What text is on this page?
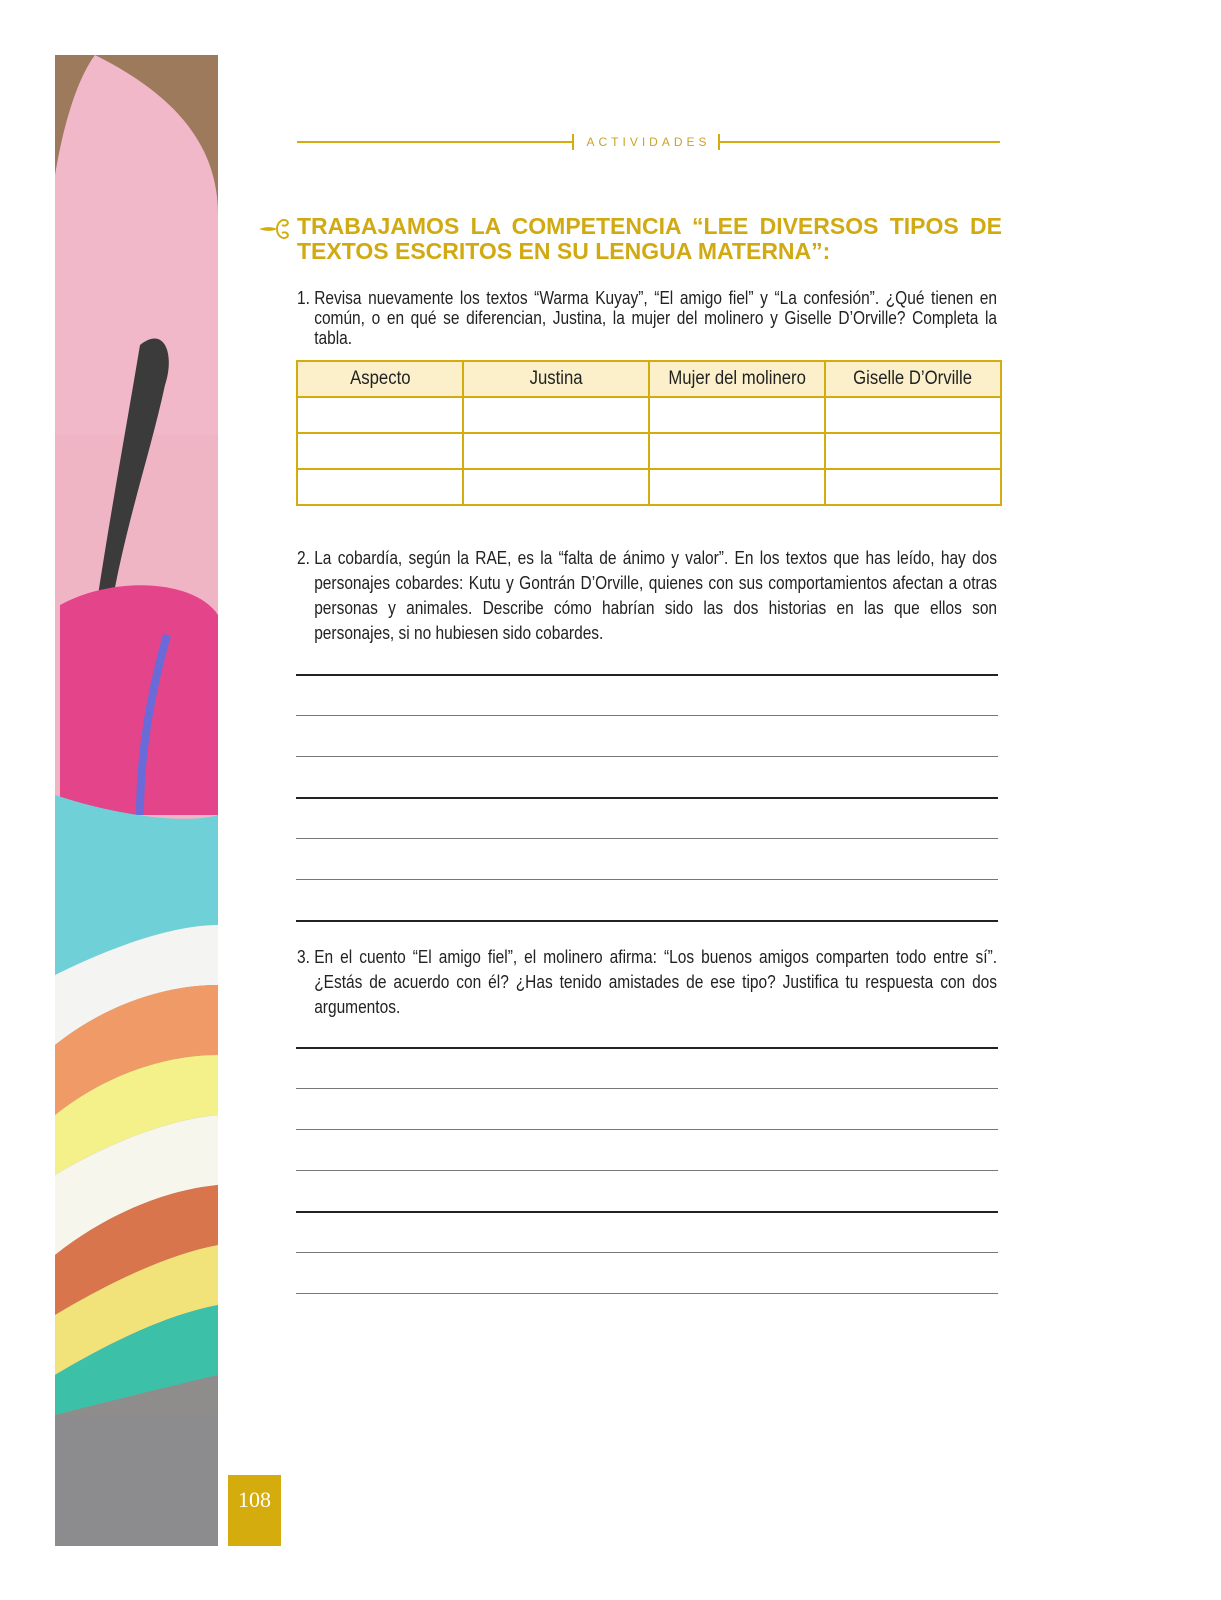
ACTIVIDADES
TRABAJAMOS LA COMPETENCIA “LEE DIVERSOS TIPOS DE TEXTOS ESCRITOS EN SU LENGUA MATERNA”:
1. Revisa nuevamente los textos “Warma Kuyay”, “El amigo fiel” y “La confesión”. ¿Qué tienen en común, o en qué se diferencian, Justina, la mujer del molinero y Giselle D’Orville? Completa la tabla.
Aspecto	Justina	Mujer del molinero	Giselle D’Orville

2. La cobardía, según la RAE, es la “falta de ánimo y valor”. En los textos que has leído, hay dos personajes cobardes: Kutu y Gontrán D’Orville, quienes con sus comportamientos afectan a otras personas y animales. Describe cómo habrían sido las dos historias en las que ellos son personajes, si no hubiesen sido cobardes.
3. En el cuento “El amigo fiel”, el molinero afirma: “Los buenos amigos comparten todo entre sí”. ¿Estás de acuerdo con él? ¿Has tenido amistades de ese tipo? Justifica tu respuesta con dos argumentos.
108
